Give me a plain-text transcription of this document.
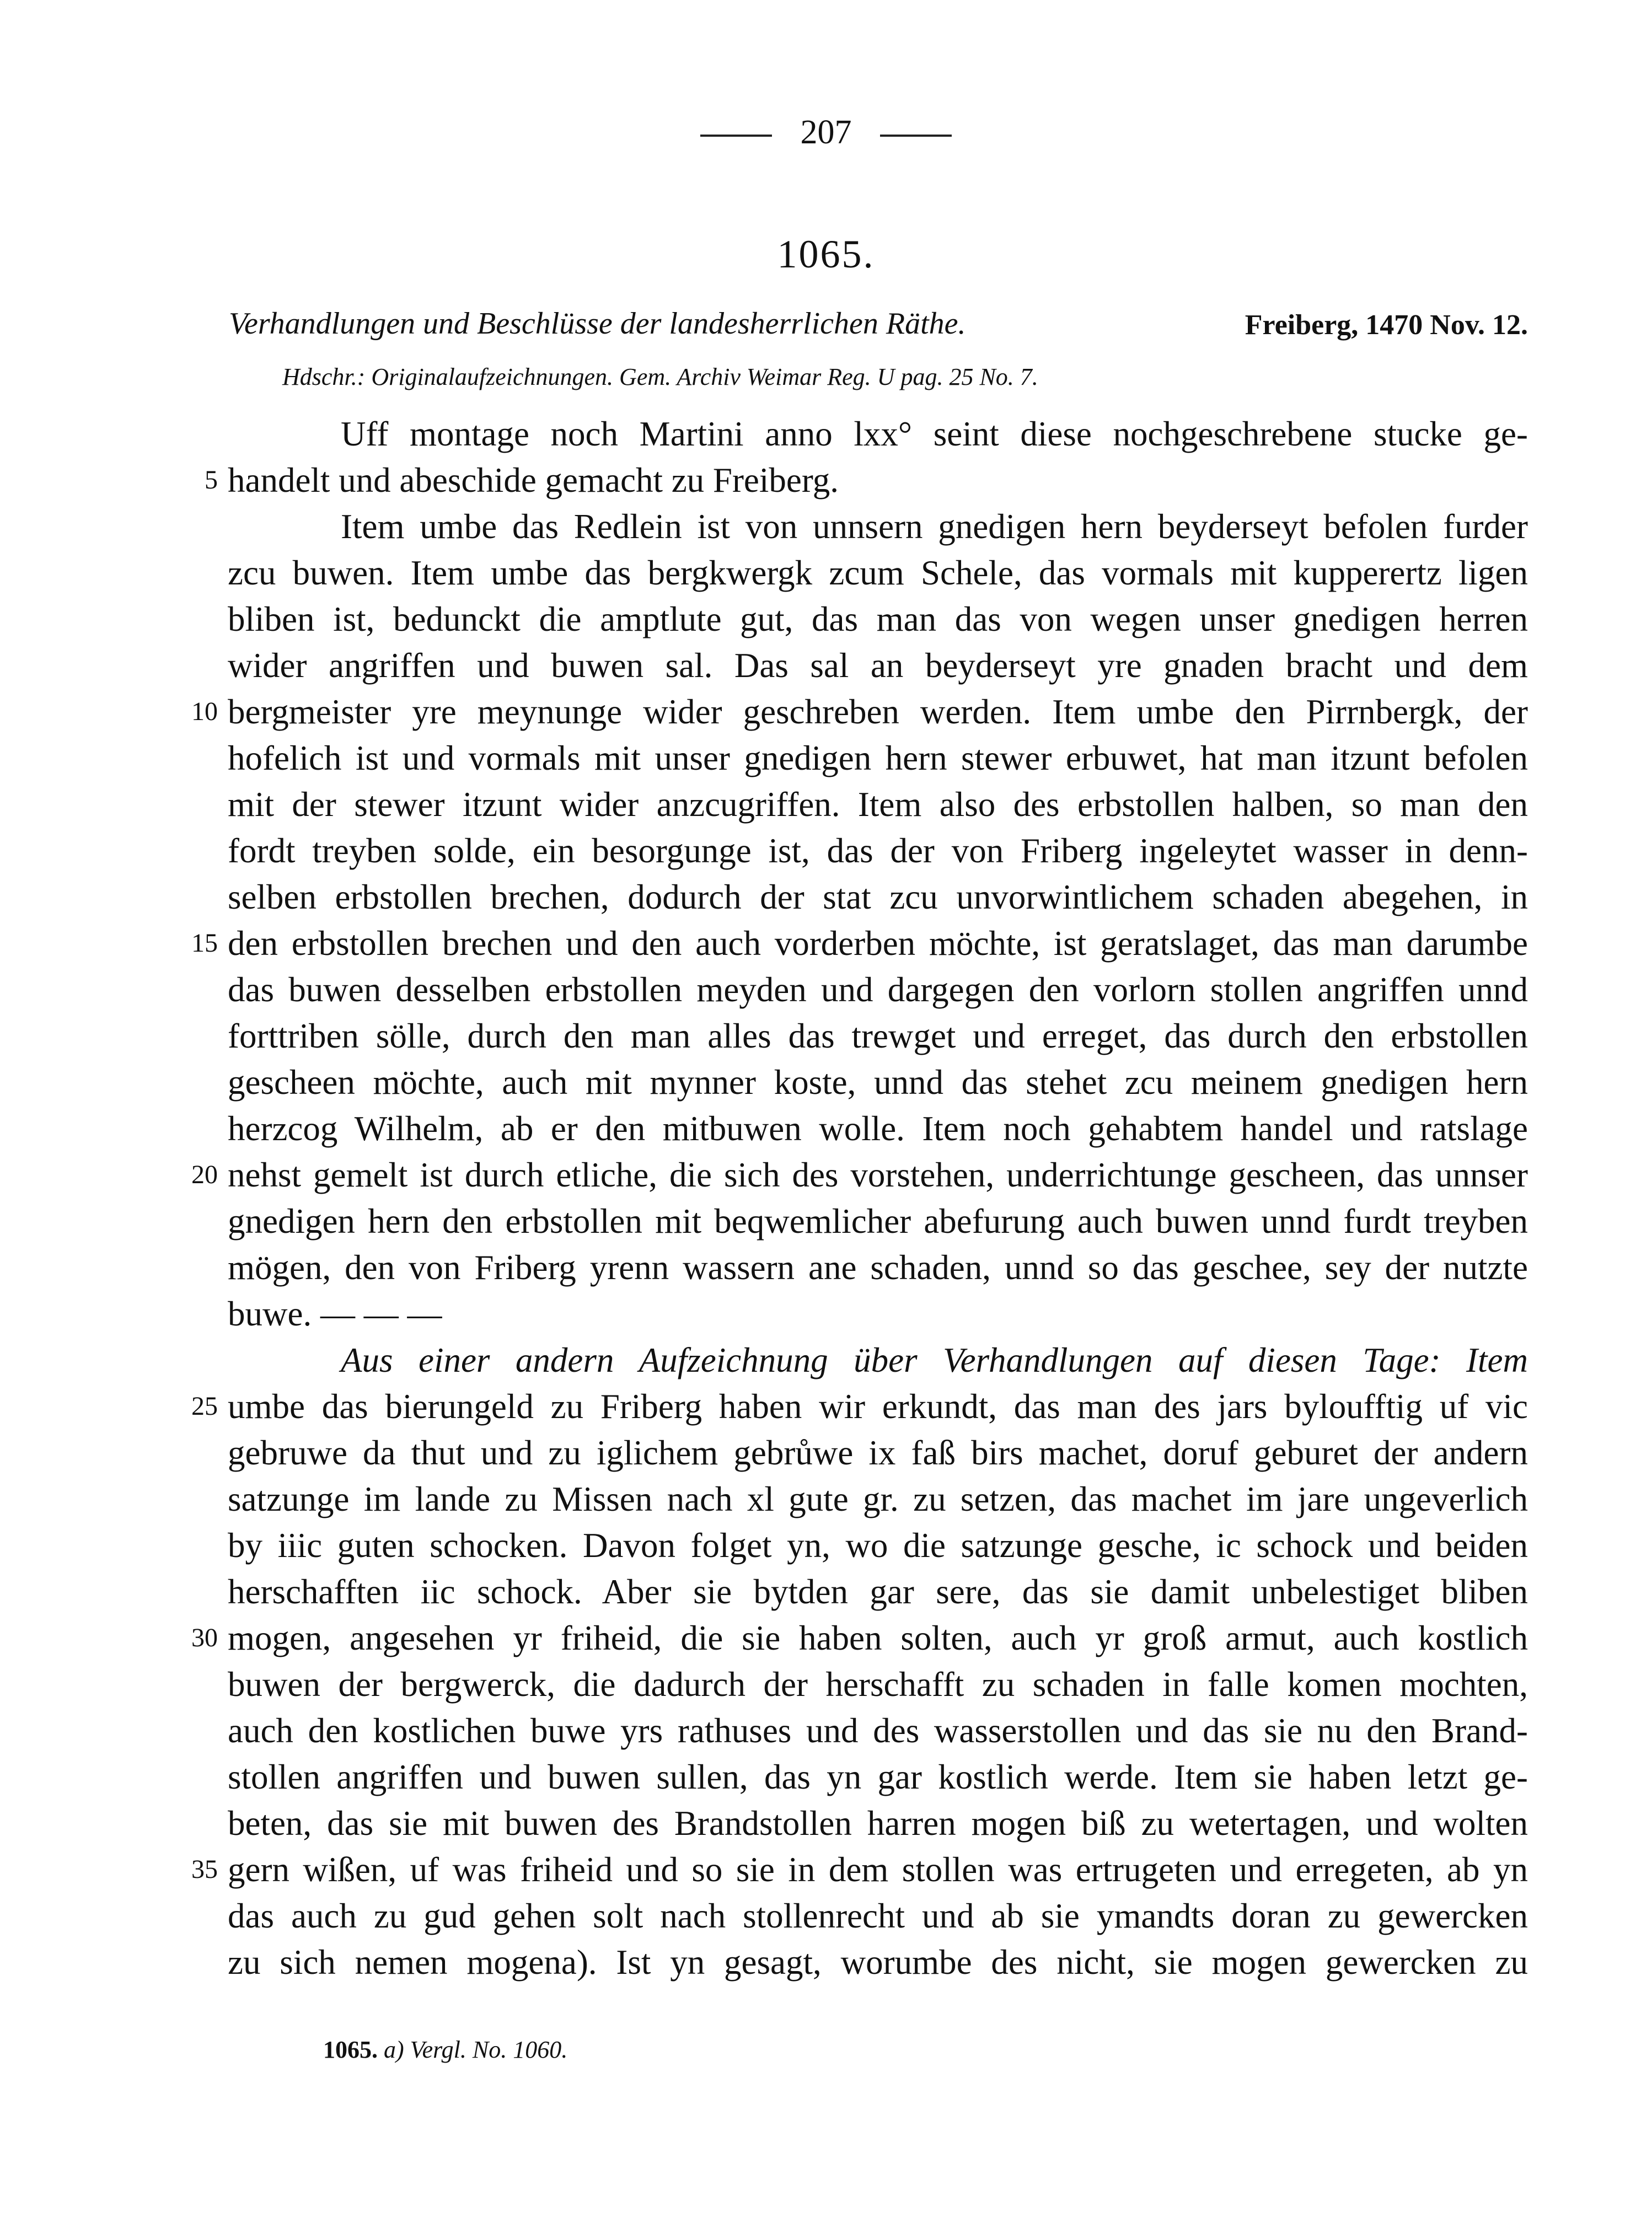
207
1065.
Verhandlungen und Beschlüsse der landesherrlichen Räthe.	Freiberg, 1470 Nov. 12.
Hdschr.: Originalaufzeichnungen. Gem. Archiv Weimar Reg. U pag. 25 No. 7.
Uff montage noch Martini anno lxx° seint diese nochgeschrebene stucke ge-
handelt und abeschide gemacht zu Freiberg.
Item umbe das Redlein ist von unnsern gnedigen hern beyderseyt befolen furder
zcu buwen. Item umbe das bergkwergk zcum Schele, das vormals mit kupperertz ligen
bliben ist, bedunckt die amptlute gut, das man das von wegen unser gnedigen herren
wider angriffen und buwen sal. Das sal an beyderseyt yre gnaden bracht und dem
bergmeister yre meynunge wider geschreben werden. Item umbe den Pirrnbergk, der
hofelich ist und vormals mit unser gnedigen hern stewer erbuwet, hat man itzunt befolen
mit der stewer itzunt wider anzcugriffen. Item also des erbstollen halben, so man den
fordt treyben solde, ein besorgunge ist, das der von Friberg ingeleytet wasser in denn-
selben erbstollen brechen, dodurch der stat zcu unvorwintlichem schaden abegehen, in
den erbstollen brechen und den auch vorderben möchte, ist geratslaget, das man darumbe
das buwen desselben erbstollen meyden und dargegen den vorlorn stollen angriffen unnd
forttriben sölle, durch den man alles das trewget und erreget, das durch den erbstollen
gescheen möchte, auch mit mynner koste, unnd das stehet zcu meinem gnedigen hern
herzcog Wilhelm, ab er den mitbuwen wolle. Item noch gehabtem handel und ratslage
nehst gemelt ist durch etliche, die sich des vorstehen, underrichtunge gescheen, das unnser
gnedigen hern den erbstollen mit beqwemlicher abefurung auch buwen unnd furdt treyben
mögen, den von Friberg yrenn wassern ane schaden, unnd so das geschee, sey der nutzte
buwe. — — —
Aus einer andern Aufzeichnung über Verhandlungen auf diesen Tage: Item
umbe das bierungeld zu Friberg haben wir erkundt, das man des jars byloufftig uf vic
gebruwe da thut und zu iglichem gebrůwe ix faß birs machet, doruf geburet der andern
satzunge im lande zu Missen nach xl gute gr. zu setzen, das machet im jare ungeverlich
by iiic guten schocken. Davon folget yn, wo die satzunge gesche, ic schock und beiden
herschafften iic schock. Aber sie bytden gar sere, das sie damit unbelestiget bliben
mogen, angesehen yr friheid, die sie haben solten, auch yr groß armut, auch kostlich
buwen der bergwerck, die dadurch der herschafft zu schaden in falle komen mochten,
auch den kostlichen buwe yrs rathuses und des wasserstollen und das sie nu den Brand-
stollen angriffen und buwen sullen, das yn gar kostlich werde. Item sie haben letzt ge-
beten, das sie mit buwen des Brandstollen harren mogen biß zu wetertagen, und wolten
gern wißen, uf was friheid und so sie in dem stollen was ertrugeten und erregeten, ab yn
das auch zu gud gehen solt nach stollenrecht und ab sie ymandts doran zu gewercken
zu sich nemen mogena). Ist yn gesagt, worumbe des nicht, sie mogen gewercken zu
5
10
15
20
25
30
35
1065. a) Vergl. No. 1060.
